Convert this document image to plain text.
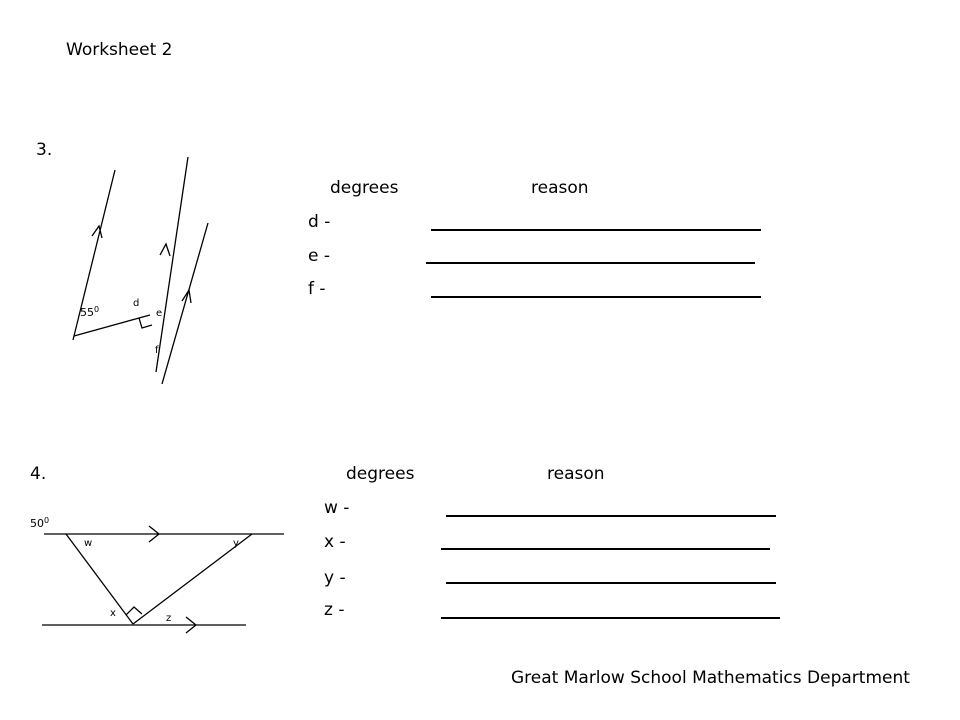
Worksheet 2
3.
$55^0$
d
e
f
$50^0$
w	y
x	z
degrees	reason
d -
e -
f -
4.	degrees	reason
w -
x -
y -
z -
Great Marlow School Mathematics Department
